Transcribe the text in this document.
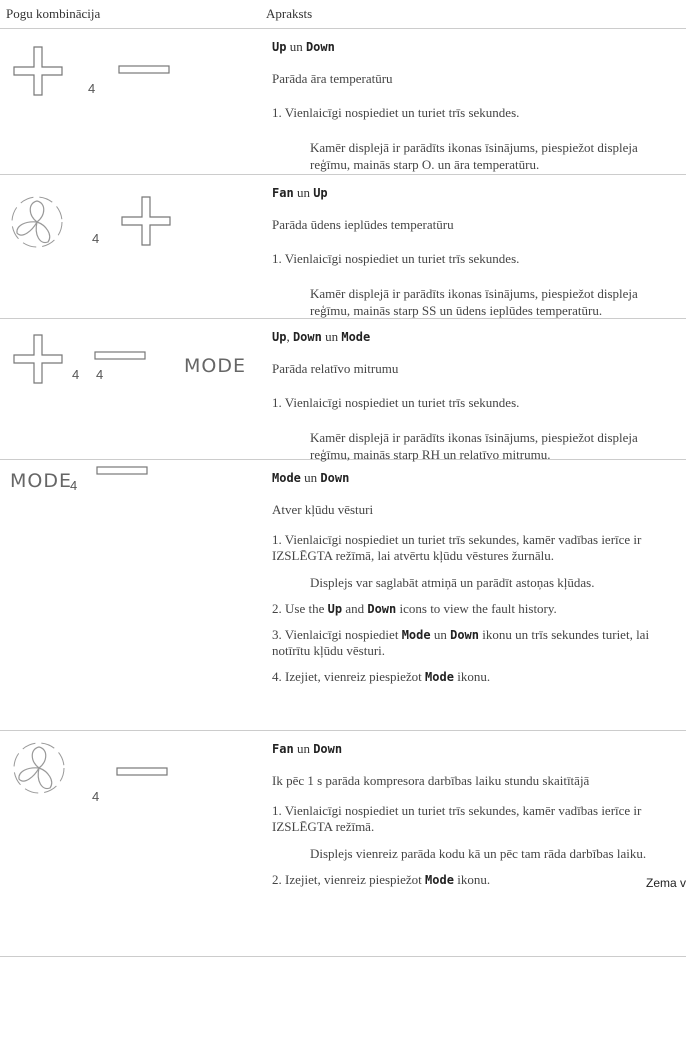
Pogu kombinācija	Apraksts
4
Up un Down
Parāda āra temperatūru
1. Vienlaicīgi nospiediet un turiet trīs sekundes.
Kamēr displejā ir parādīts ikonas īsinājums, piespiežot displeja reģīmu, mainās starp O. un āra temperatūru.
4
Fan un Up
Parāda ūdens ieplūdes temperatūru
1. Vienlaicīgi nospiediet un turiet trīs sekundes.
Kamēr displejā ir parādīts ikonas īsinājums, piespiežot displeja reģīmu, mainās starp SS un ūdens ieplūdes temperatūru.
4 4	MODE
Up, Down un Mode
Parāda relatīvo mitrumu
1. Vienlaicīgi nospiediet un turiet trīs sekundes.
Kamēr displejā ir parādīts ikonas īsinājums, piespiežot displeja reģīmu, mainās starp RH un relatīvo mitrumu.
MODE
4	Mode un Down
Atver kļūdu vēsturi
1. Vienlaicīgi nospiediet un turiet trīs sekundes, kamēr vadības ierīce ir IZSLĒGTA režīmā, lai atvērtu kļūdu vēstures žurnālu.
Displejs var saglabāt atmiņā un parādīt astoņas kļūdas.
2. Use the Up and Down icons to view the fault history.
3. Vienlaicīgi nospiediet Mode un Down ikonu un trīs sekundes turiet, lai notīrītu kļūdu vēsturi.
4. Izejiet, vienreiz piespiežot Mode ikonu.
4
Fan un Down
Ik pēc 1 s parāda kompresora darbības laiku stundu skaitītājā
1. Vienlaicīgi nospiediet un turiet trīs sekundes, kamēr vadības ierīce ir IZSLĒGTA režīmā.
Displejs vienreiz parāda kodu kā un pēc tam rāda darbības laiku.
2. Izejiet, vienreiz piespiežot Mode ikonu.	Zema v
